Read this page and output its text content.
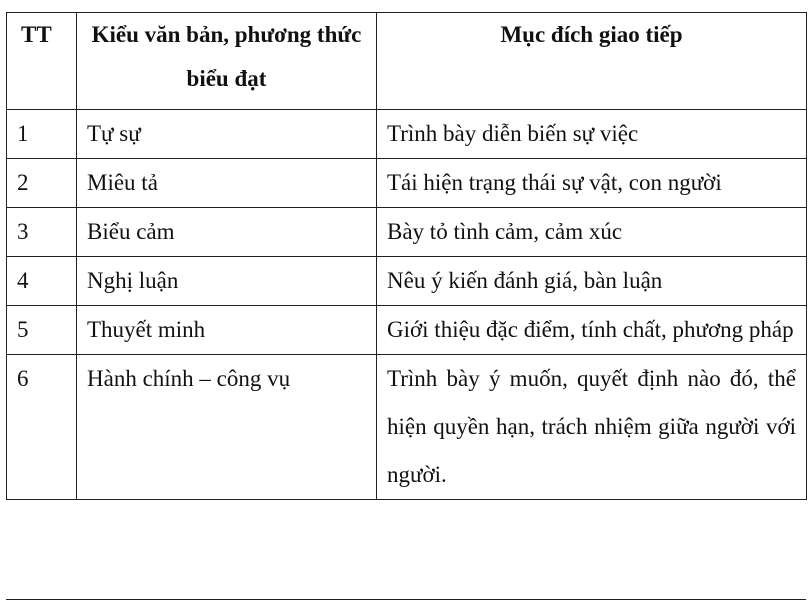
TT	Kiểu văn bản, phương thức biểu đạt	Mục đích giao tiếp
1	Tự sự	Trình bày diễn biến sự việc
2	Miêu tả	Tái hiện trạng thái sự vật, con người
3	Biểu cảm	Bày tỏ tình cảm, cảm xúc
4	Nghị luận	Nêu ý kiến đánh giá, bàn luận
5	Thuyết minh	Giới thiệu đặc điểm, tính chất, phương pháp
6	Hành chính – công vụ	Trình bày ý muốn, quyết định nào đó, thể hiện quyền hạn, trách nhiệm giữa người với người.
